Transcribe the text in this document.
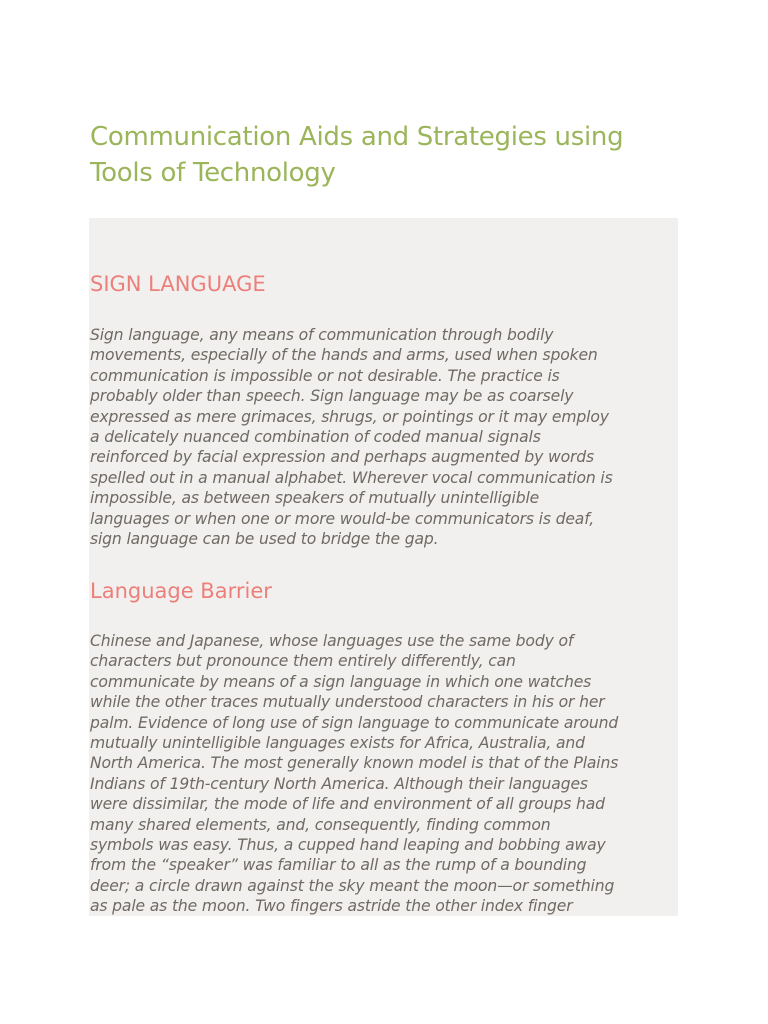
Communication Aids and Strategies using
Tools of Technology
SIGN LANGUAGE
Sign language, any means of communication through bodily
movements, especially of the hands and arms, used when spoken
communication is impossible or not desirable. The practice is
probably older than speech. Sign language may be as coarsely
expressed as mere grimaces, shrugs, or pointings or it may employ
a delicately nuanced combination of coded manual signals
reinforced by facial expression and perhaps augmented by words
spelled out in a manual alphabet. Wherever vocal communication is
impossible, as between speakers of mutually unintelligible
languages or when one or more would-be communicators is deaf,
sign language can be used to bridge the gap.
Language Barrier
Chinese and Japanese, whose languages use the same body of
characters but pronounce them entirely differently, can
communicate by means of a sign language in which one watches
while the other traces mutually understood characters in his or her
palm. Evidence of long use of sign language to communicate around
mutually unintelligible languages exists for Africa, Australia, and
North America. The most generally known model is that of the Plains
Indians of 19th-century North America. Although their languages
were dissimilar, the mode of life and environment of all groups had
many shared elements, and, consequently, finding common
symbols was easy. Thus, a cupped hand leaping and bobbing away
from the “speaker” was familiar to all as the rump of a bounding
deer; a circle drawn against the sky meant the moon—or something
as pale as the moon. Two fingers astride the other index finger
